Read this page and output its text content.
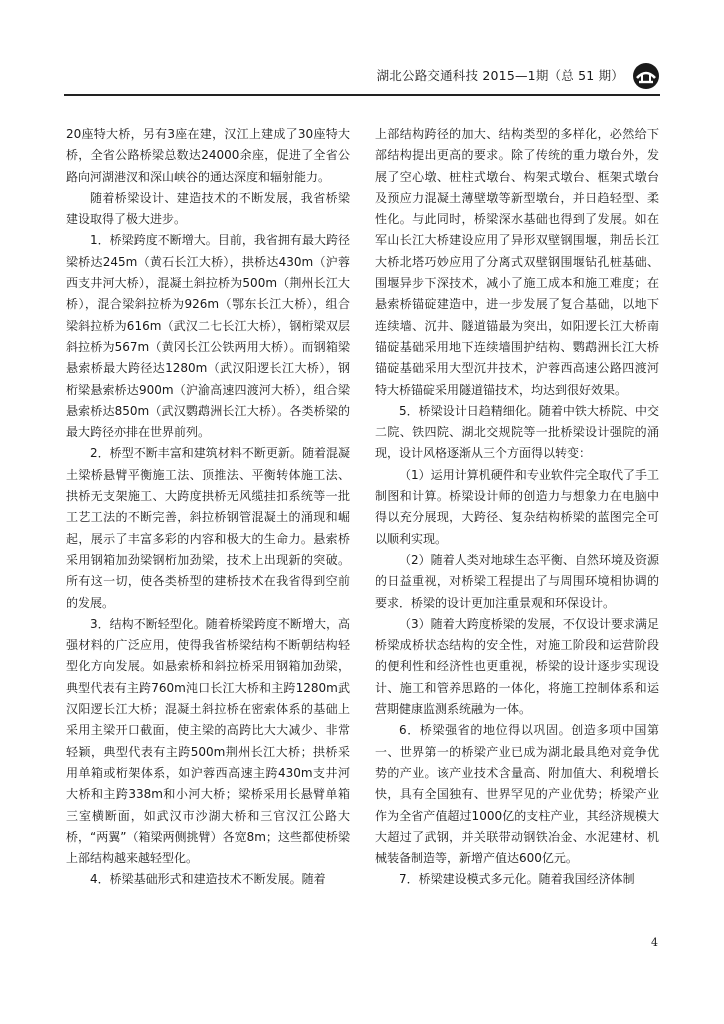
湖北公路交通科技 2015—1期（总 51 期）

20座特大桥，另有3座在建，汉江上建成了30座特大桥，全省公路桥梁总数达24000余座，促进了全省公路向河湖港汊和深山峡谷的通达深度和辐射能力。

随着桥梁设计、建造技术的不断发展，我省桥梁建设取得了极大进步。

1．桥梁跨度不断增大。目前，我省拥有最大跨径梁桥达245m（黄石长江大桥），拱桥达430m（沪蓉西支井河大桥），混凝土斜拉桥为500m（荆州长江大桥），混合梁斜拉桥为926m（鄂东长江大桥），组合梁斜拉桥为616m（武汉二七长江大桥），钢桁梁双层斜拉桥为567m（黄冈长江公铁两用大桥）。而钢箱梁悬索桥最大跨径达1280m（武汉阳逻长江大桥），钢桁梁悬索桥达900m（沪渝高速四渡河大桥），组合梁悬索桥达850m（武汉鹦鹉洲长江大桥）。各类桥梁的最大跨径亦排在世界前列。

2．桥型不断丰富和建筑材料不断更新。随着混凝土梁桥悬臂平衡施工法、顶推法、平衡转体施工法、拱桥无支架施工、大跨度拱桥无风缆挂扣系统等一批工艺工法的不断完善，斜拉桥钢管混凝土的涌现和崛起，展示了丰富多彩的内容和极大的生命力。悬索桥采用钢箱加劲梁钢桁加劲梁，技术上出现新的突破。所有这一切，使各类桥型的建桥技术在我省得到空前的发展。

3．结构不断轻型化。随着桥梁跨度不断增大，高强材料的广泛应用，使得我省桥梁结构不断朝结构轻型化方向发展。如悬索桥和斜拉桥采用钢箱加劲梁，典型代表有主跨760m沌口长江大桥和主跨1280m武汉阳逻长江大桥；混凝土斜拉桥在密索体系的基础上采用主梁开口截面，使主梁的高跨比大大减少、非常轻颖，典型代表有主跨500m荆州长江大桥；拱桥采用单箱或桁架体系，如沪蓉西高速主跨430m支井河大桥和主跨338m和小河大桥；梁桥采用长悬臂单箱三室横断面，如武汉市沙湖大桥和三官汉江公路大桥，“两翼”（箱梁两侧挑臂）各宽8m；这些都使桥梁上部结构越来越轻型化。

4．桥梁基础形式和建造技术不断发展。随着

上部结构跨径的加大、结构类型的多样化，必然给下部结构提出更高的要求。除了传统的重力墩台外，发展了空心墩、桩柱式墩台、构架式墩台、框架式墩台及预应力混凝土薄壁墩等新型墩台，并日趋轻型、柔性化。与此同时，桥梁深水基础也得到了发展。如在军山长江大桥建设应用了异形双壁钢围堰，荆岳长江大桥北塔巧妙应用了分离式双壁钢围堰钻孔桩基础、围堰异步下深技术，减小了施工成本和施工难度；在悬索桥锚碇建造中，进一步发展了复合基础，以地下连续墙、沉井、隧道锚最为突出，如阳逻长江大桥南锚碇基础采用地下连续墙围护结构、鹦鹉洲长江大桥锚碇基础采用大型沉井技术，沪蓉西高速公路四渡河特大桥锚碇采用隧道锚技术，均达到很好效果。

5．桥梁设计日趋精细化。随着中铁大桥院、中交二院、铁四院、湖北交规院等一批桥梁设计强院的涌现，设计风格逐渐从三个方面得以转变：

（1）运用计算机硬件和专业软件完全取代了手工制图和计算。桥梁设计师的创造力与想象力在电脑中得以充分展现，大跨径、复杂结构桥梁的蓝图完全可以顺利实现。

（2）随着人类对地球生态平衡、自然环境及资源的日益重视，对桥梁工程提出了与周围环境相协调的要求．桥梁的设计更加注重景观和环保设计。

（3）随着大跨度桥梁的发展，不仅设计要求满足桥梁成桥状态结构的安全性，对施工阶段和运营阶段的便利性和经济性也更重视，桥梁的设计逐步实现设计、施工和管养思路的一体化，将施工控制体系和运营期健康监测系统融为一体。

6．桥梁强省的地位得以巩固。创造多项中国第一、世界第一的桥梁产业已成为湖北最具绝对竞争优势的产业。该产业技术含量高、附加值大、利税增长快，具有全国独有、世界罕见的产业优势；桥梁产业作为全省产值超过1000亿的支柱产业，其经济规模大大超过了武钢，并关联带动钢铁冶金、水泥建材、机械装备制造等，新增产值达600亿元。

7．桥梁建设模式多元化。随着我国经济体制

4
